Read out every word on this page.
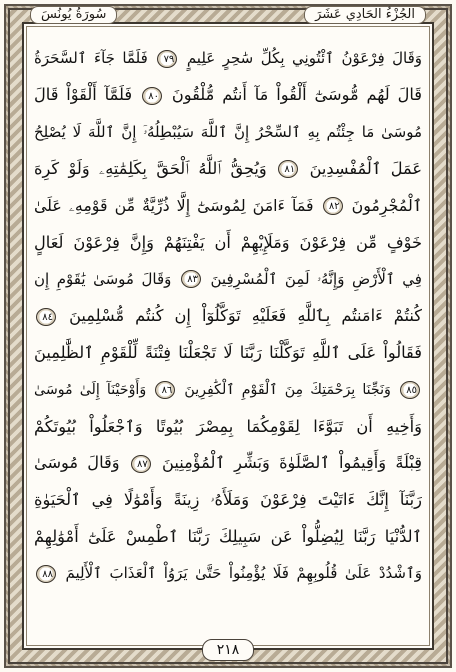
الجُزْءُ الحَادِي عَشَرَ
سُورَةُ يُونُسَ
وَقَالَ فِرْعَوْنُ ٱئْتُونِي بِكُلِّ سَٰحِرٍ عَلِيمٍ ٧٩ فَلَمَّا جَآءَ ٱلسَّحَرَةُ
قَالَ لَهُم مُّوسَىٰٓ أَلْقُواْ مَآ أَنتُم مُّلْقُونَ ٨٠ فَلَمَّآ أَلْقَوْاْ قَالَ
مُوسَىٰ مَا جِئْتُم بِهِ ٱلسِّحْرُ إِنَّ ٱللَّهَ سَيُبْطِلُهُۥٓ إِنَّ ٱللَّهَ لَا يُصْلِحُ
عَمَلَ ٱلْمُفْسِدِينَ ٨١ وَيُحِقُّ ٱللَّهُ ٱلْحَقَّ بِكَلِمَٰتِهِۦ وَلَوْ كَرِهَ
ٱلْمُجْرِمُونَ ٨٢ فَمَآ ءَامَنَ لِمُوسَىٰٓ إِلَّا ذُرِّيَّةٌ مِّن قَوْمِهِۦ عَلَىٰ
خَوْفٍ مِّن فِرْعَوْنَ وَمَلَإِيْهِمْ أَن يَفْتِنَهُمْ وَإِنَّ فِرْعَوْنَ لَعَالٍ
فِي ٱلْأَرْضِ وَإِنَّهُۥ لَمِنَ ٱلْمُسْرِفِينَ ٨٣ وَقَالَ مُوسَىٰ يَٰقَوْمِ إِن
كُنتُمْ ءَامَنتُم بِٱللَّهِ فَعَلَيْهِ تَوَكَّلُوٓاْ إِن كُنتُم مُّسْلِمِينَ ٨٤
فَقَالُواْ عَلَى ٱللَّهِ تَوَكَّلْنَا رَبَّنَا لَا تَجْعَلْنَا فِتْنَةً لِّلْقَوْمِ ٱلظَّٰلِمِينَ
٨٥ وَنَجِّنَا بِرَحْمَتِكَ مِنَ ٱلْقَوْمِ ٱلْكَٰفِرِينَ ٨٦ وَأَوْحَيْنَآ إِلَىٰ مُوسَىٰ
وَأَخِيهِ أَن تَبَوَّءَا لِقَوْمِكُمَا بِمِصْرَ بُيُوتًا وَٱجْعَلُواْ بُيُوتَكُمْ
قِبْلَةً وَأَقِيمُواْ ٱلصَّلَوٰةَ وَبَشِّرِ ٱلْمُؤْمِنِينَ ٨٧ وَقَالَ مُوسَىٰ
رَبَّنَآ إِنَّكَ ءَاتَيْتَ فِرْعَوْنَ وَمَلَأَهُۥ زِينَةً وَأَمْوَٰلًا فِي ٱلْحَيَوٰةِ
ٱلدُّنْيَا رَبَّنَا لِيُضِلُّواْ عَن سَبِيلِكَ رَبَّنَا ٱطْمِسْ عَلَىٰٓ أَمْوَٰلِهِمْ
وَٱشْدُدْ عَلَىٰ قُلُوبِهِمْ فَلَا يُؤْمِنُواْ حَتَّىٰ يَرَوُاْ ٱلْعَذَابَ ٱلْأَلِيمَ ٨٨
٢١٨
